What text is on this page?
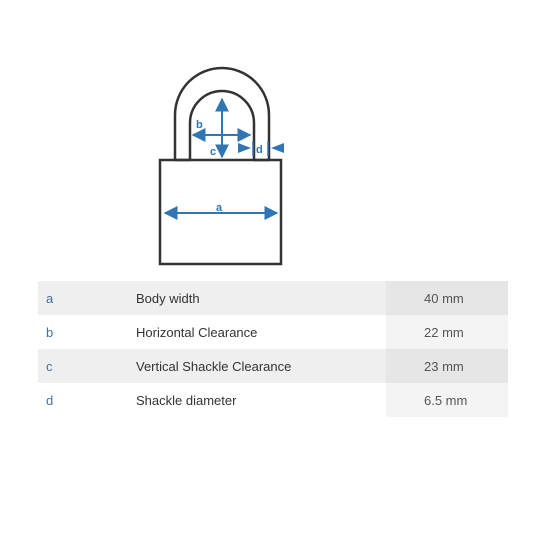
a
c
b
d
a	Body width	40 mm
b	Horizontal Clearance	22 mm
c	Vertical Shackle Clearance	23 mm
d	Shackle diameter	6.5 mm
